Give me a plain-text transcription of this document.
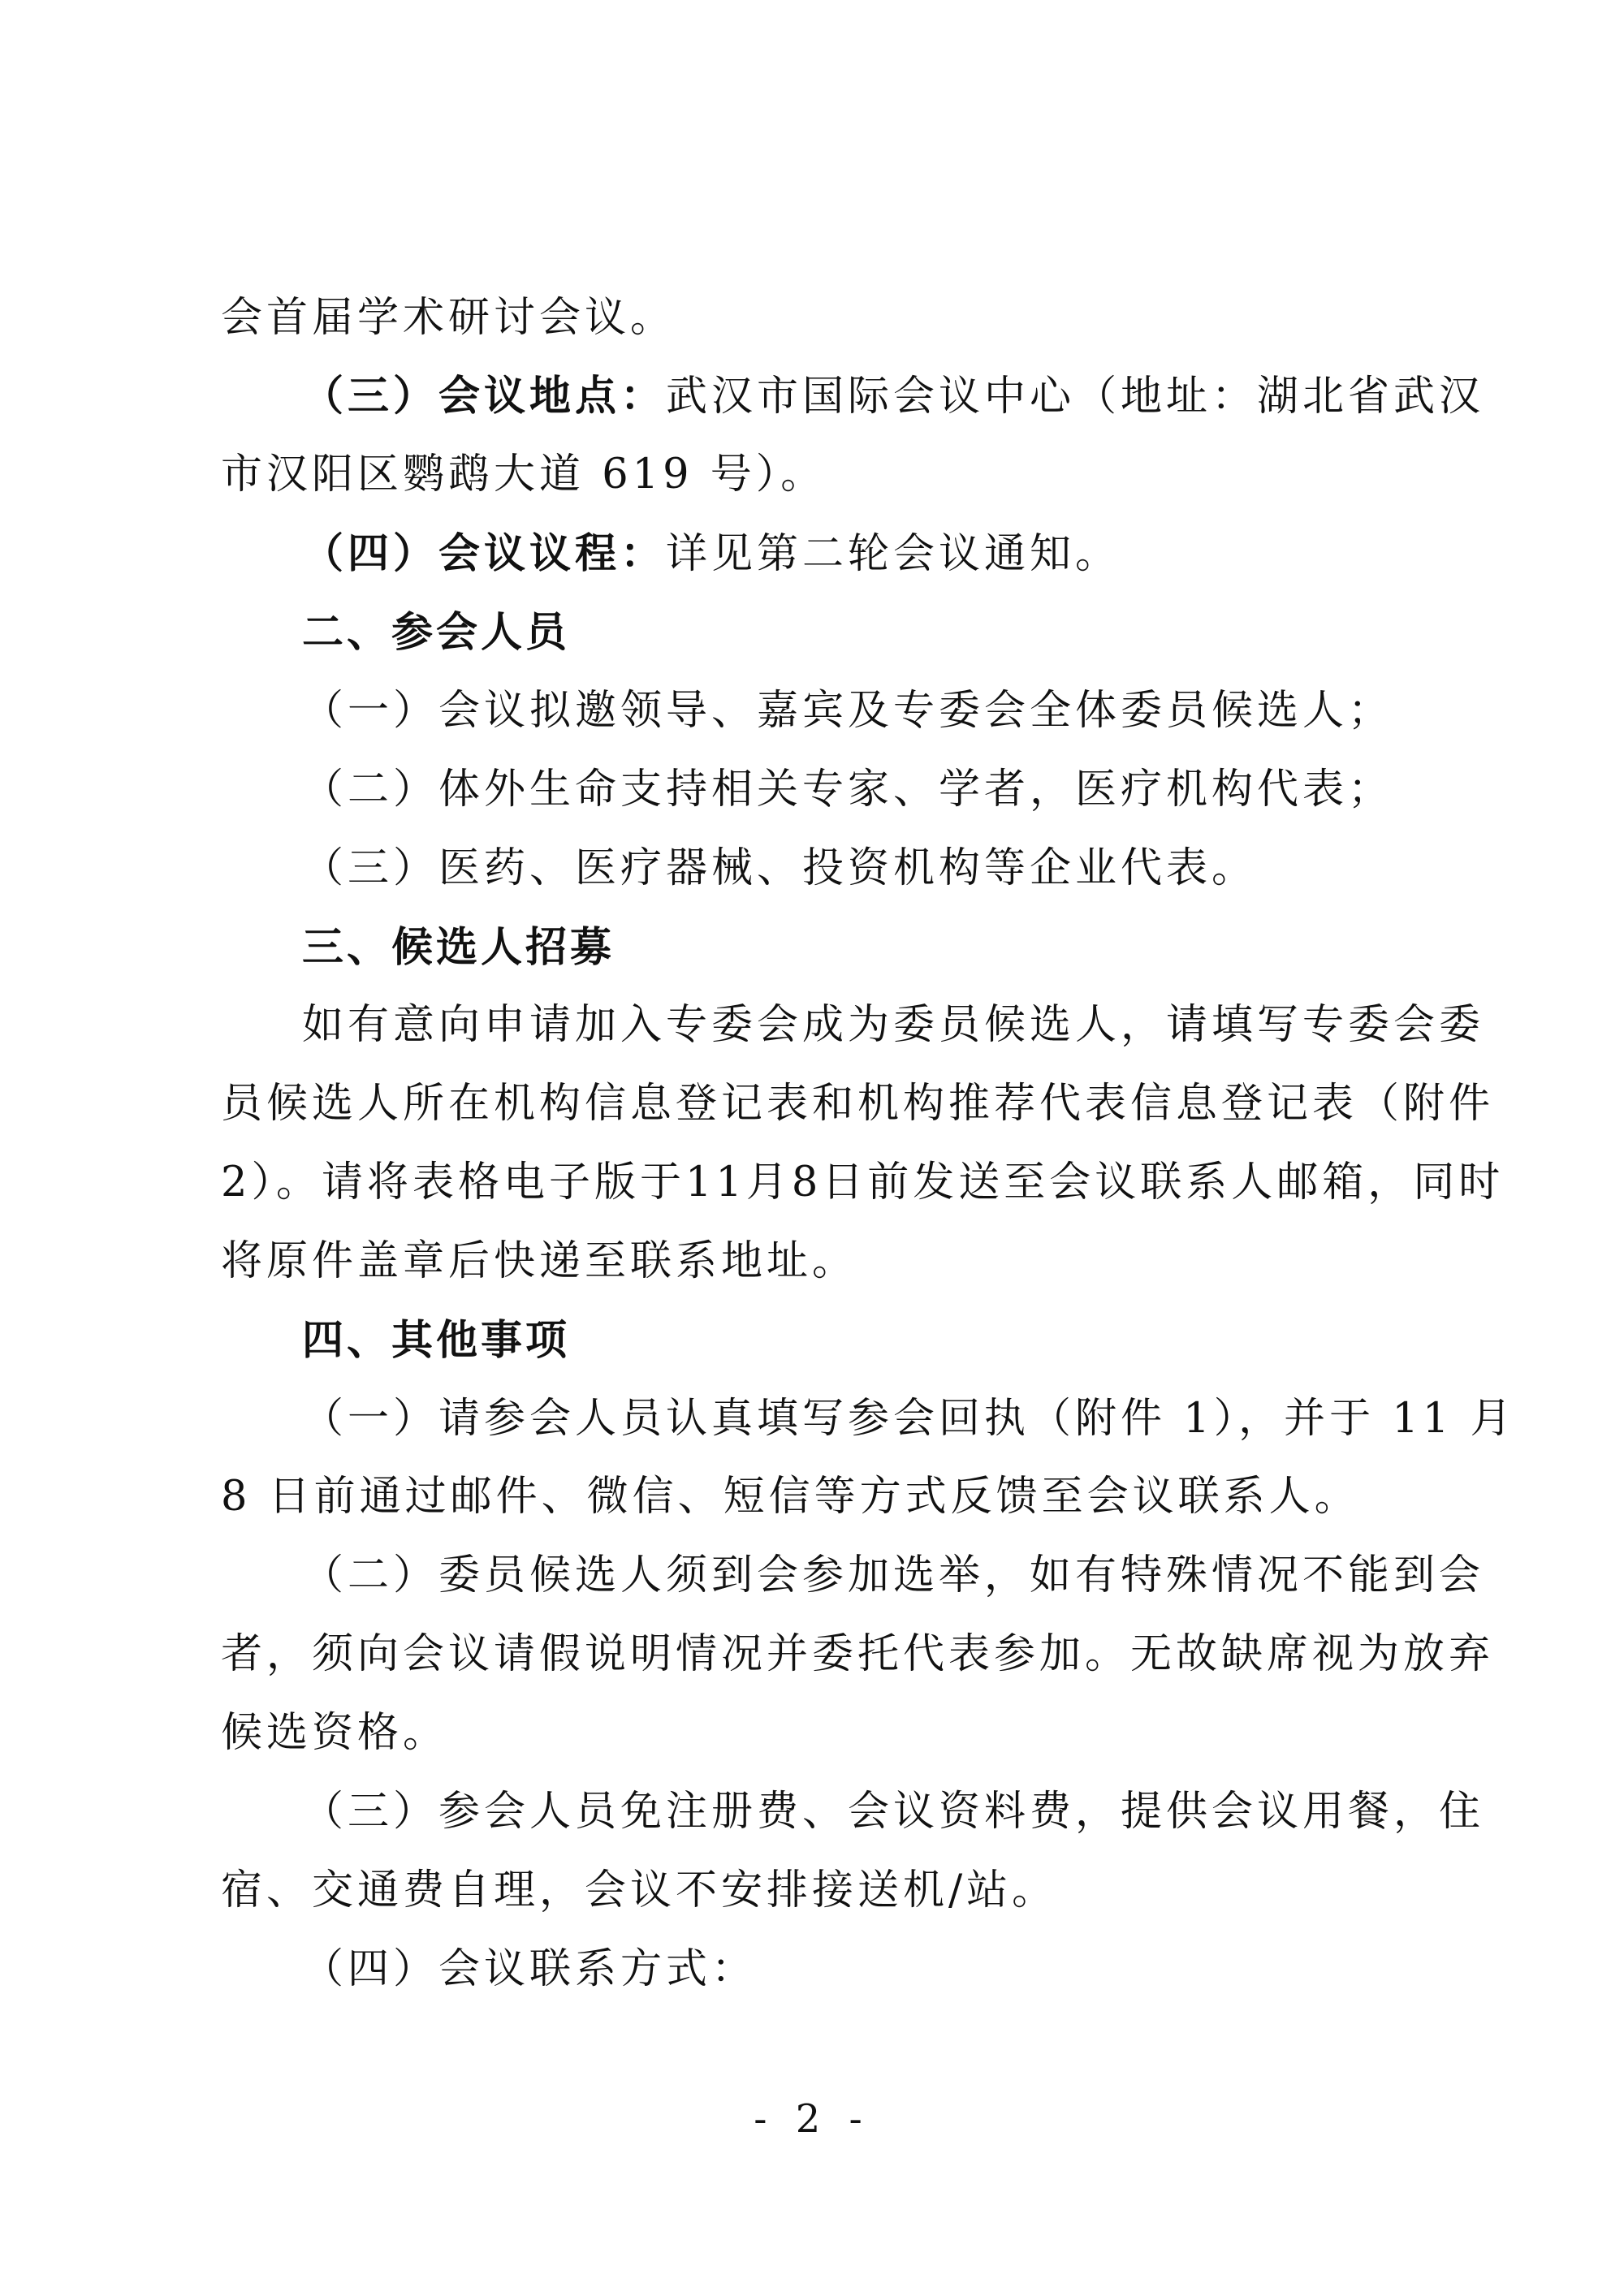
会首届学术研讨会议。
（三）会议地点：武汉市国际会议中心（地址：湖北省武汉
市汉阳区鹦鹉大道 619 号）。
（四）会议议程：详见第二轮会议通知。
二、参会人员
（一）会议拟邀领导、嘉宾及专委会全体委员候选人；
（二）体外生命支持相关专家、学者，医疗机构代表；
（三）医药、医疗器械、投资机构等企业代表。
三、候选人招募
如有意向申请加入专委会成为委员候选人，请填写专委会委
员候选人所在机构信息登记表和机构推荐代表信息登记表（附件
2）。请将表格电子版于11月8日前发送至会议联系人邮箱，同时
将原件盖章后快递至联系地址。
四、其他事项
（一）请参会人员认真填写参会回执（附件 1），并于 11 月
8 日前通过邮件、微信、短信等方式反馈至会议联系人。
（二）委员候选人须到会参加选举，如有特殊情况不能到会
者，须向会议请假说明情况并委托代表参加。无故缺席视为放弃
候选资格。
（三）参会人员免注册费、会议资料费，提供会议用餐，住
宿、交通费自理，会议不安排接送机/站。
（四）会议联系方式：
- 2 -
